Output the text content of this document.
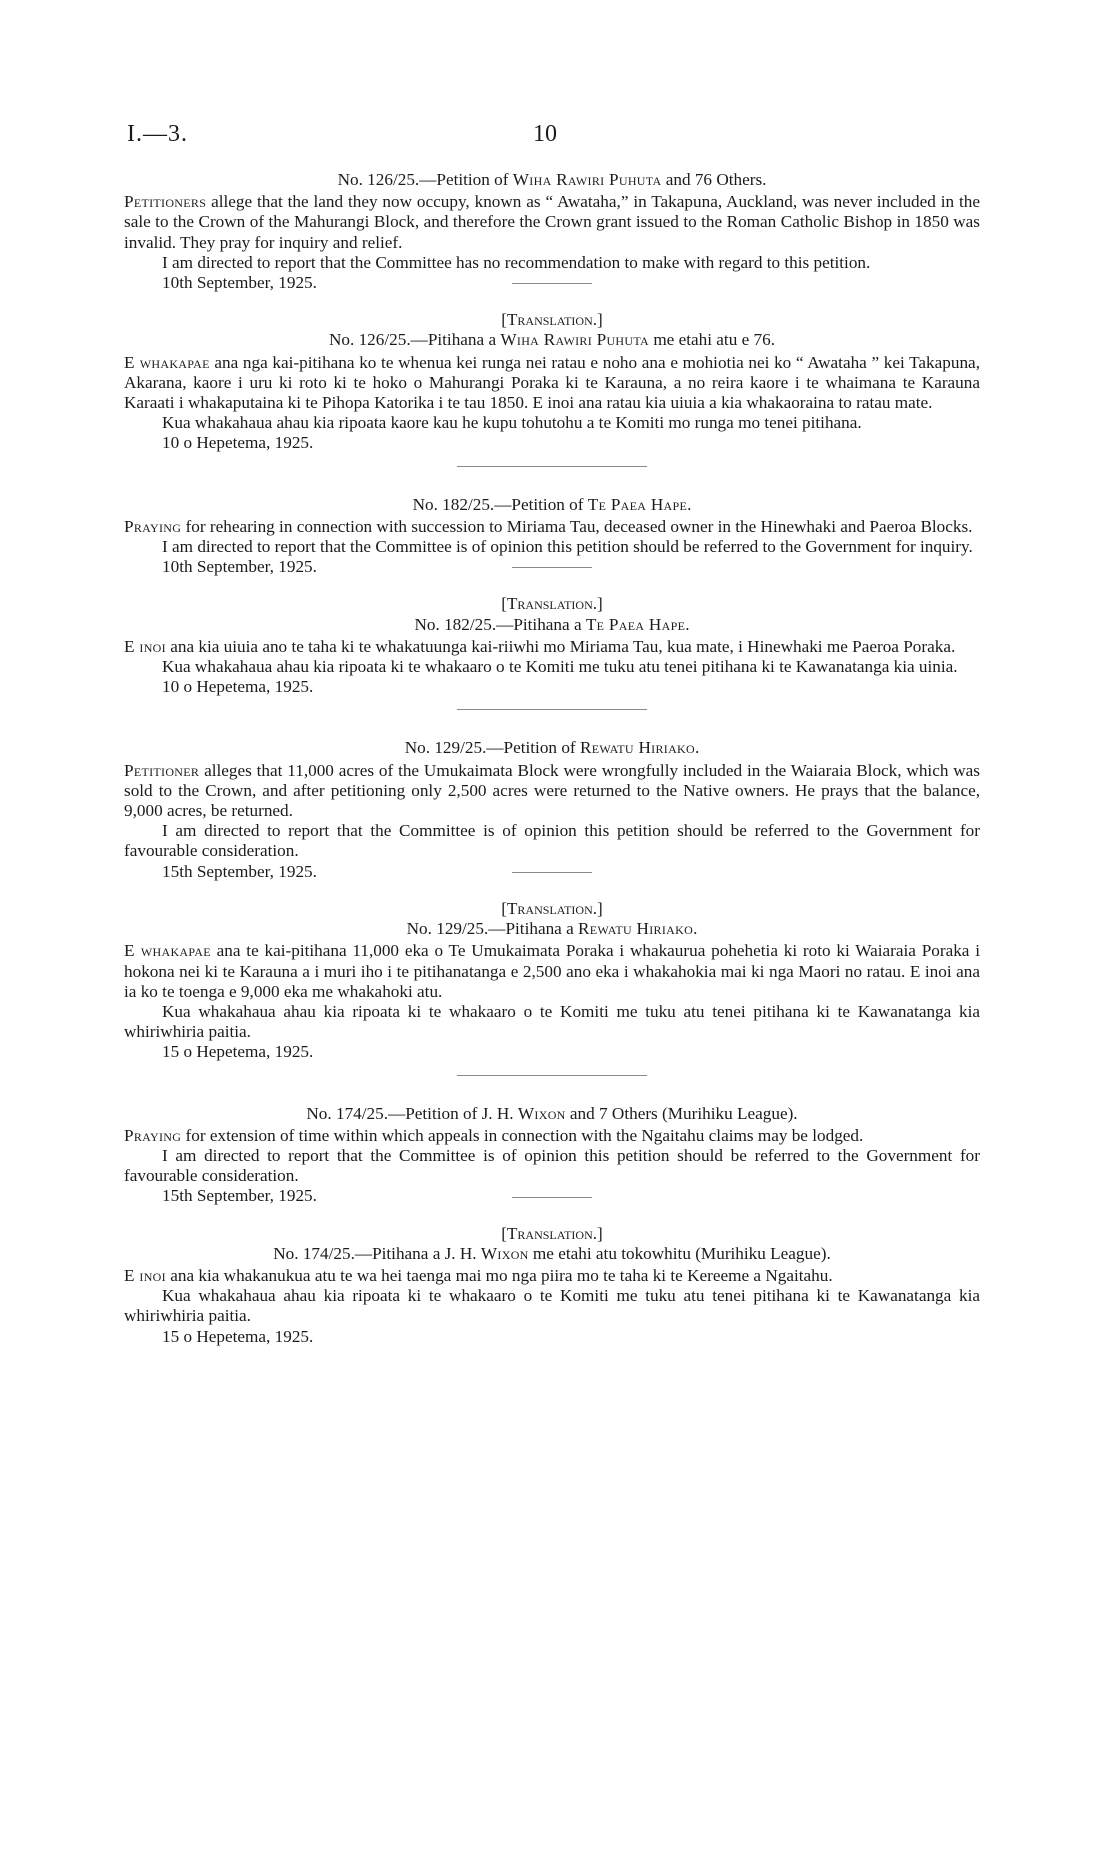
I.—3.	10

No. 126/25.—Petition of Wiha Rawiri Puhuta and 76 Others.

Petitioners allege that the land they now occupy, known as “ Awataha,” in Takapuna, Auckland, was never included in the sale to the Crown of the Mahurangi Block, and therefore the Crown grant issued to the Roman Catholic Bishop in 1850 was invalid. They pray for inquiry and relief.

I am directed to report that the Committee has no recommendation to make with regard to this petition.

10th September, 1925.

[Translation.]

No. 126/25.—Pitihana a Wiha Rawiri Puhuta me etahi atu e 76.

E whakapae ana nga kai-pitihana ko te whenua kei runga nei ratau e noho ana e mohiotia nei ko “ Awataha ” kei Takapuna, Akarana, kaore i uru ki roto ki te hoko o Mahurangi Poraka ki te Karauna, a no reira kaore i te whaimana te Karauna Karaati i whakaputaina ki te Pihopa Katorika i te tau 1850. E inoi ana ratau kia uiuia a kia whakaoraina to ratau mate.

Kua whakahaua ahau kia ripoata kaore kau he kupu tohutohu a te Komiti mo runga mo tenei pitihana.

10 o Hepetema, 1925.

No. 182/25.—Petition of Te Paea Hape.

Praying for rehearing in connection with succession to Miriama Tau, deceased owner in the Hinewhaki and Paeroa Blocks.

I am directed to report that the Committee is of opinion this petition should be referred to the Government for inquiry.

10th September, 1925.

[Translation.]

No. 182/25.—Pitihana a Te Paea Hape.

E inoi ana kia uiuia ano te taha ki te whakatuunga kai-riiwhi mo Miriama Tau, kua mate, i Hinewhaki me Paeroa Poraka.

Kua whakahaua ahau kia ripoata ki te whakaaro o te Komiti me tuku atu tenei pitihana ki te Kawanatanga kia uinia.

10 o Hepetema, 1925.

No. 129/25.—Petition of Rewatu Hiriako.

Petitioner alleges that 11,000 acres of the Umukaimata Block were wrongfully included in the Waiaraia Block, which was sold to the Crown, and after petitioning only 2,500 acres were returned to the Native owners. He prays that the balance, 9,000 acres, be returned.

I am directed to report that the Committee is of opinion this petition should be referred to the Government for favourable consideration.

15th September, 1925.

[Translation.]

No. 129/25.—Pitihana a Rewatu Hiriako.

E whakapae ana te kai-pitihana 11,000 eka o Te Umukaimata Poraka i whakaurua pohehetia ki roto ki Waiaraia Poraka i hokona nei ki te Karauna a i muri iho i te pitihanatanga e 2,500 ano eka i whakahokia mai ki nga Maori no ratau. E inoi ana ia ko te toenga e 9,000 eka me whakahoki atu.

Kua whakahaua ahau kia ripoata ki te whakaaro o te Komiti me tuku atu tenei pitihana ki te Kawanatanga kia whiriwhiria paitia.

15 o Hepetema, 1925.

No. 174/25.—Petition of J. H. Wixon and 7 Others (Murihiku League).

Praying for extension of time within which appeals in connection with the Ngaitahu claims may be lodged.

I am directed to report that the Committee is of opinion this petition should be referred to the Government for favourable consideration.

15th September, 1925.

[Translation.]

No. 174/25.—Pitihana a J. H. Wixon me etahi atu tokowhitu (Murihiku League).

E inoi ana kia whakanukua atu te wa hei taenga mai mo nga piira mo te taha ki te Kereeme a Ngaitahu.

Kua whakahaua ahau kia ripoata ki te whakaaro o te Komiti me tuku atu tenei pitihana ki te Kawanatanga kia whiriwhiria paitia.

15 o Hepetema, 1925.
